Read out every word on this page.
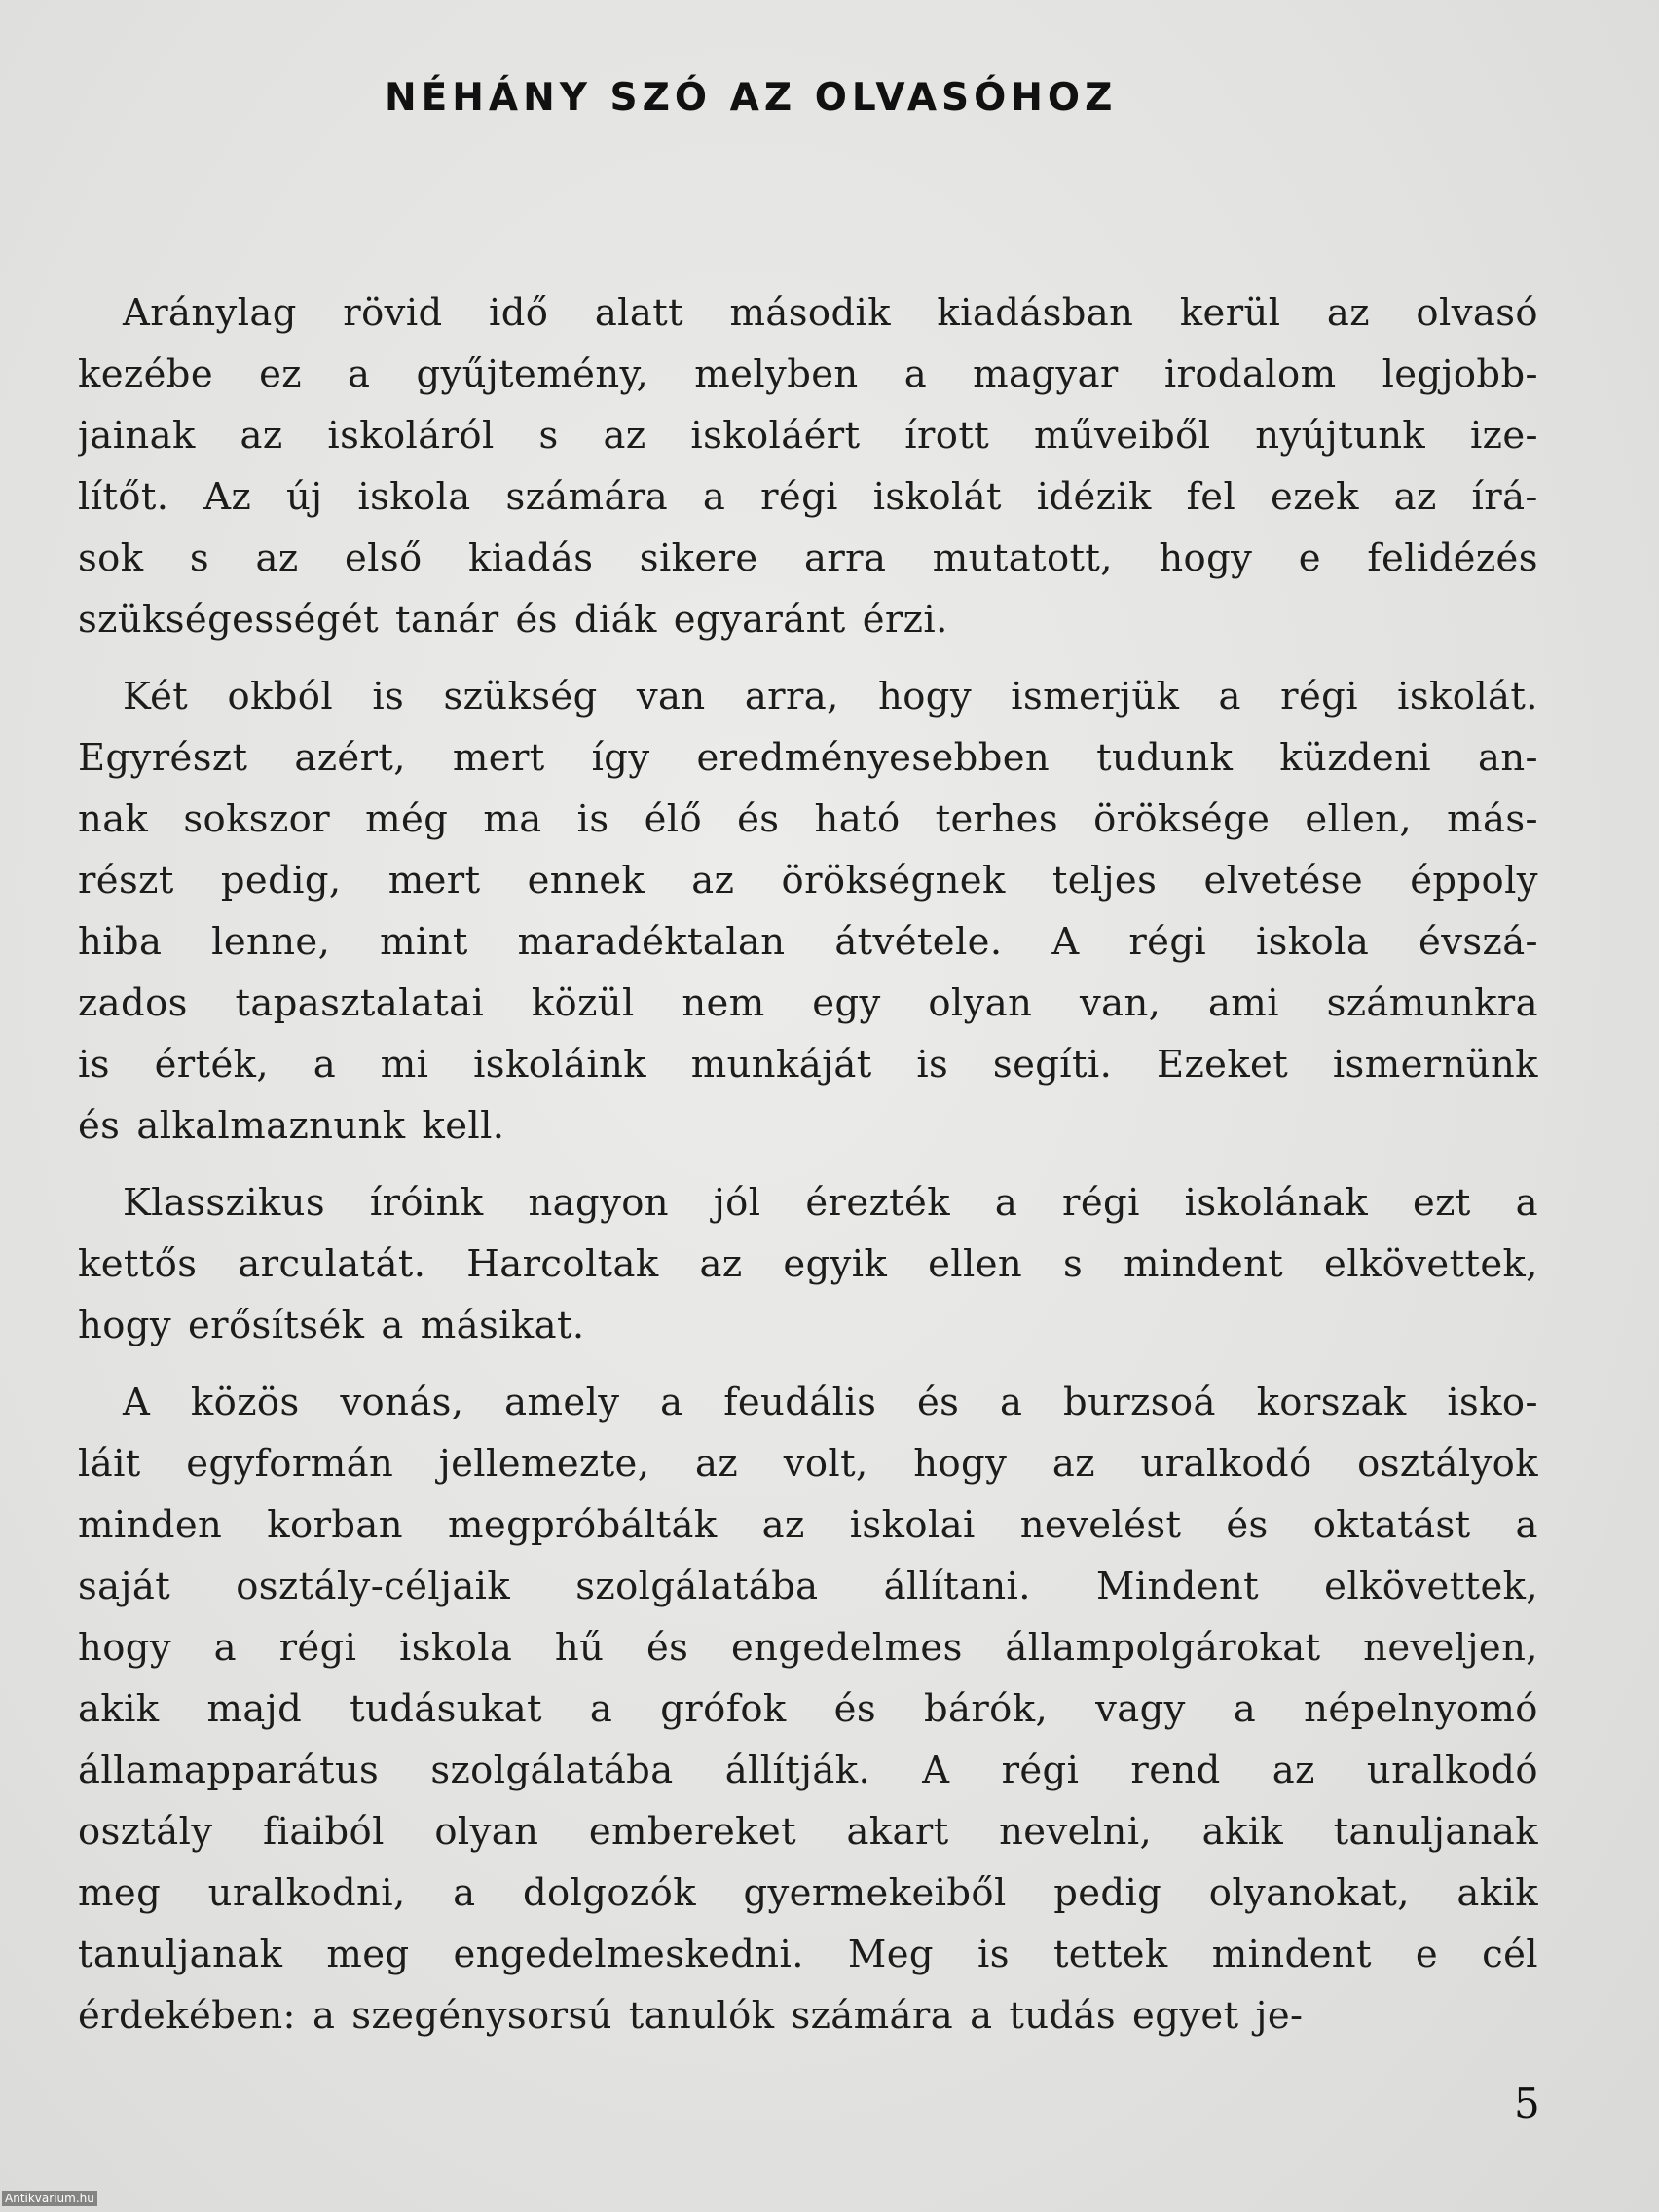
NÉHÁNY SZÓ AZ OLVASÓHOZ
Aránylag rövid idő alatt második kiadásban kerül az olvasó
kezébe ez a gyűjtemény, melyben a magyar irodalom legjobb-
jainak az iskoláról s az iskoláért írott műveiből nyújtunk ize-
lítőt. Az új iskola számára a régi iskolát idézik fel ezek az írá-
sok s az első kiadás sikere arra mutatott, hogy e felidézés
szükségességét tanár és diák egyaránt érzi.
Két okból is szükség van arra, hogy ismerjük a régi iskolát.
Egyrészt azért, mert így eredményesebben tudunk küzdeni an-
nak sokszor még ma is élő és ható terhes öröksége ellen, más-
részt pedig, mert ennek az örökségnek teljes elvetése éppoly
hiba lenne, mint maradéktalan átvétele. A régi iskola évszá-
zados tapasztalatai közül nem egy olyan van, ami számunkra
is érték, a mi iskoláink munkáját is segíti. Ezeket ismernünk
és alkalmaznunk kell.
Klasszikus íróink nagyon jól érezték a régi iskolának ezt a
kettős arculatát. Harcoltak az egyik ellen s mindent elkövettek,
hogy erősítsék a másikat.
A közös vonás, amely a feudális és a burzsoá korszak isko-
láit egyformán jellemezte, az volt, hogy az uralkodó osztályok
minden korban megpróbálták az iskolai nevelést és oktatást a
saját osztály-céljaik szolgálatába állítani. Mindent elkövettek,
hogy a régi iskola hű és engedelmes állampolgárokat neveljen,
akik majd tudásukat a grófok és bárók, vagy a népelnyomó
államapparátus szolgálatába állítják. A régi rend az uralkodó
osztály fiaiból olyan embereket akart nevelni, akik tanuljanak
meg uralkodni, a dolgozók gyermekeiből pedig olyanokat, akik
tanuljanak meg engedelmeskedni. Meg is tettek mindent e cél
érdekében: a szegénysorsú tanulók számára a tudás egyet je-
5
Antikvarium.hu
